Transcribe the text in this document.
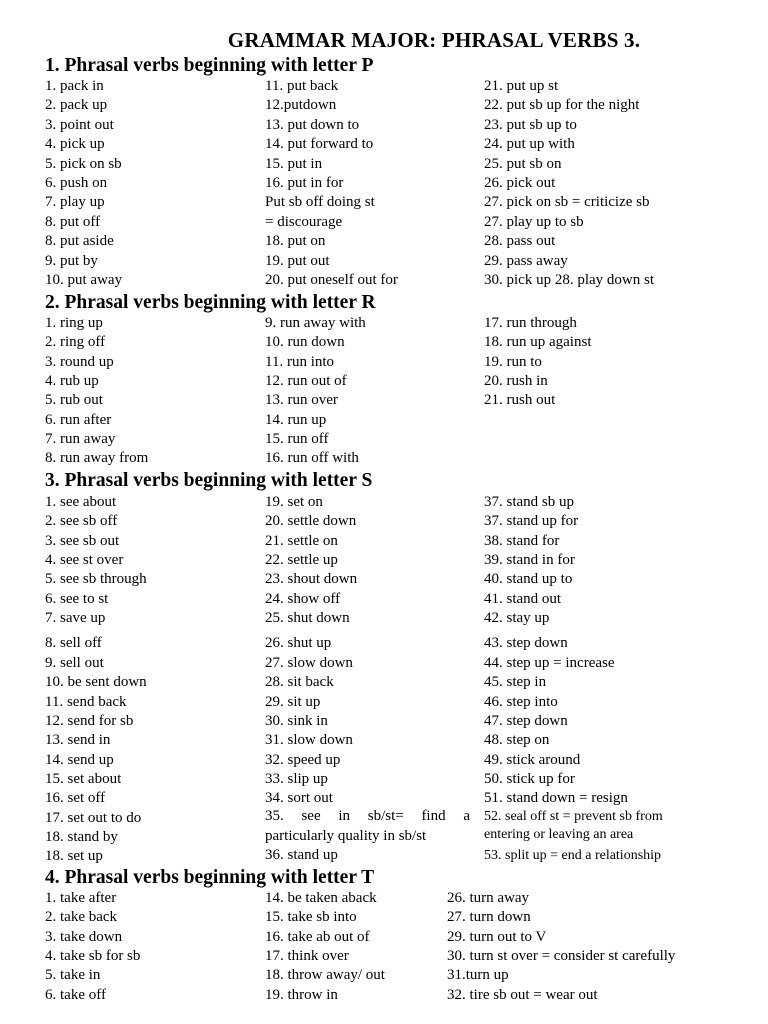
GRAMMAR MAJOR: PHRASAL VERBS 3.
1. Phrasal verbs beginning with letter P
1. pack in
2. pack up
3. point out
4. pick up
5. pick on sb
6. push on
7. play up
8. put off
8. put aside
9. put by
10. put away
11. put back
12.putdown
13. put down to
14. put forward to
15. put in
16. put in for
Put sb off doing st
= discourage
18. put on
19. put out
20. put oneself out for
21. put up st
22. put sb up for the night
23. put sb up to
24. put up with
25. put sb on
26. pick out
27. pick on sb = criticize sb
27. play up to sb
28. pass out
29. pass away
30. pick up 28. play down st
2. Phrasal verbs beginning with letter R
1. ring up
2. ring off
3. round up
4. rub up
5. rub out
6. run after
7. run away
8. run away from
9. run away with
10. run down
11. run into
12. run out of
13. run over
14. run up
15. run off
16. run off with
17. run through
18. run up against
19. run to
20. rush in
21. rush out
3. Phrasal verbs beginning with letter S
1. see about
2. see sb off
3. see sb out
4. see st over
5. see sb through
6. see to st
7. save up
8. sell off
9. sell out
10. be sent down
11. send back
12. send for sb
13. send in
14. send up
15. set about
16. set off
17. set out to do
18. stand by
18. set up
19. set on
20. settle down
21. settle on
22. settle up
23. shout down
24. show off
25. shut down
26. shut up
27. slow down
28. sit back
29. sit up
30. sink in
31. slow down
32. speed up
33. slip up
34. sort out
37. stand sb up
37. stand up for
38. stand for
39. stand in for
40. stand up to
41. stand out
42. stay up
43. step down
44. step up = increase
45. step in
46. step into
47. step down
48. step on
49. stick around
50. stick up for
51. stand down = resign
35. see in sb/st= find a
particularly quality in sb/st
36. stand up
52. seal off st = prevent sb from
entering or leaving an area
53. split up = end a relationship
4. Phrasal verbs beginning with letter T
1. take after
2. take back
3. take down
4. take sb for sb
5. take in
6. take off
14. be taken aback
15. take sb into
16. take ab out of
17. think over
18. throw away/ out
19. throw in
26. turn away
27. turn down
29. turn out to V
30. turn st over = consider st carefully
31.turn up
32. tire sb out = wear out
